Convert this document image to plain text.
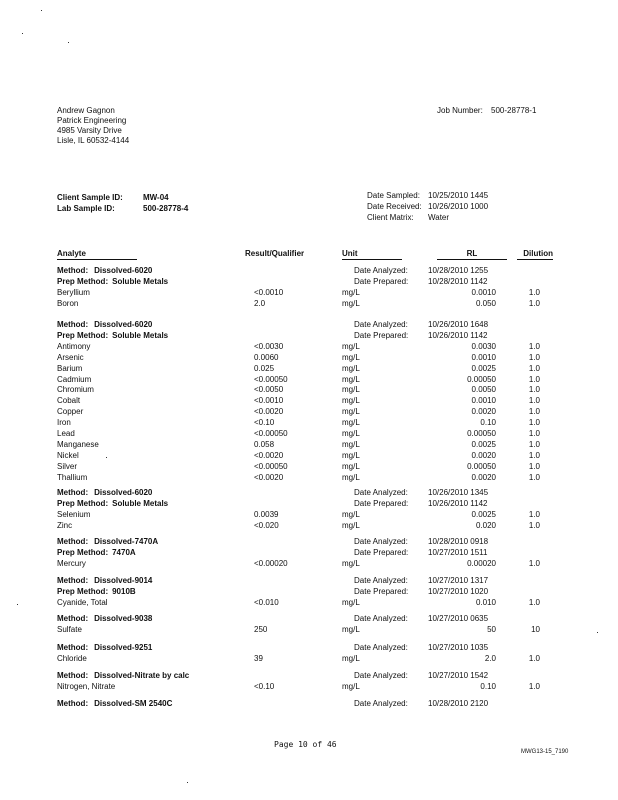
Andrew Gagnon
Patrick Engineering
4985 Varsity Drive
Lisle, IL 60532-4144
Job Number: 500-28778-1
Client Sample ID:	MW-04
Lab Sample ID:	500-28778-4
Date Sampled: 10/25/2010 1445
Date Received: 10/26/2010 1000
Client Matrix: Water
Analyte	Result/Qualifier	Unit	RL	Dilution
Method: Dissolved-6020	Date Analyzed:	10/28/2010 1255
Prep Method: Soluble Metals	Date Prepared: 10/28/2010 1142
Beryllium	<0.0010	mg/L	0.0010	1.0
Boron	2.0	mg/L	0.050	1.0
Method: Dissolved-6020	Date Analyzed:	10/26/2010 1648
Prep Method: Soluble Metals	Date Prepared: 10/26/2010 1142
Antimony	<0.0030	mg/L	0.0030	1.0
Arsenic	0.0060	mg/L	0.0010	1.0
Barium	0.025	mg/L	0.0025	1.0
Cadmium	<0.00050	mg/L	0.00050	1.0
Chromium	<0.0050	mg/L	0.0050	1.0
Cobalt	<0.0010	mg/L	0.0010	1.0
Copper	<0.0020	mg/L	0.0020	1.0
Iron	<0.10	mg/L	0.10	1.0
Lead	<0.00050	mg/L	0.00050	1.0
Manganese	0.058	mg/L	0.0025	1.0
Nickel	<0.0020	mg/L	0.0020	1.0
Silver	<0.00050	mg/L	0.00050	1.0
Thallium	<0.0020	mg/L	0.0020	1.0
Method: Dissolved-6020	Date Analyzed:	10/26/2010 1345
Prep Method: Soluble Metals	Date Prepared: 10/26/2010 1142
Selenium	0.0039	mg/L	0.0025	1.0
Zinc	<0.020	mg/L	0.020	1.0
Method: Dissolved-7470A	Date Analyzed:	10/28/2010 0918
Prep Method: 7470A	Date Prepared: 10/27/2010 1511
Mercury	<0.00020	mg/L	0.00020	1.0
Method: Dissolved-9014	Date Analyzed:	10/27/2010 1317
Prep Method: 9010B	Date Prepared: 10/27/2010 1020
Cyanide, Total	<0.010	mg/L	0.010	1.0
Method: Dissolved-9038	Date Analyzed:	10/27/2010 0635
Sulfate	250	mg/L	50	10
Method: Dissolved-9251	Date Analyzed:	10/27/2010 1035
Chloride	39	mg/L	2.0	1.0
Method: Dissolved-Nitrate by calc	Date Analyzed:	10/27/2010 1542
Nitrogen, Nitrate	<0.10	mg/L	0.10	1.0
Method: Dissolved-SM 2540C	Date Analyzed:	10/28/2010 2120
Page 10 of 46
MWG13-15_7190
